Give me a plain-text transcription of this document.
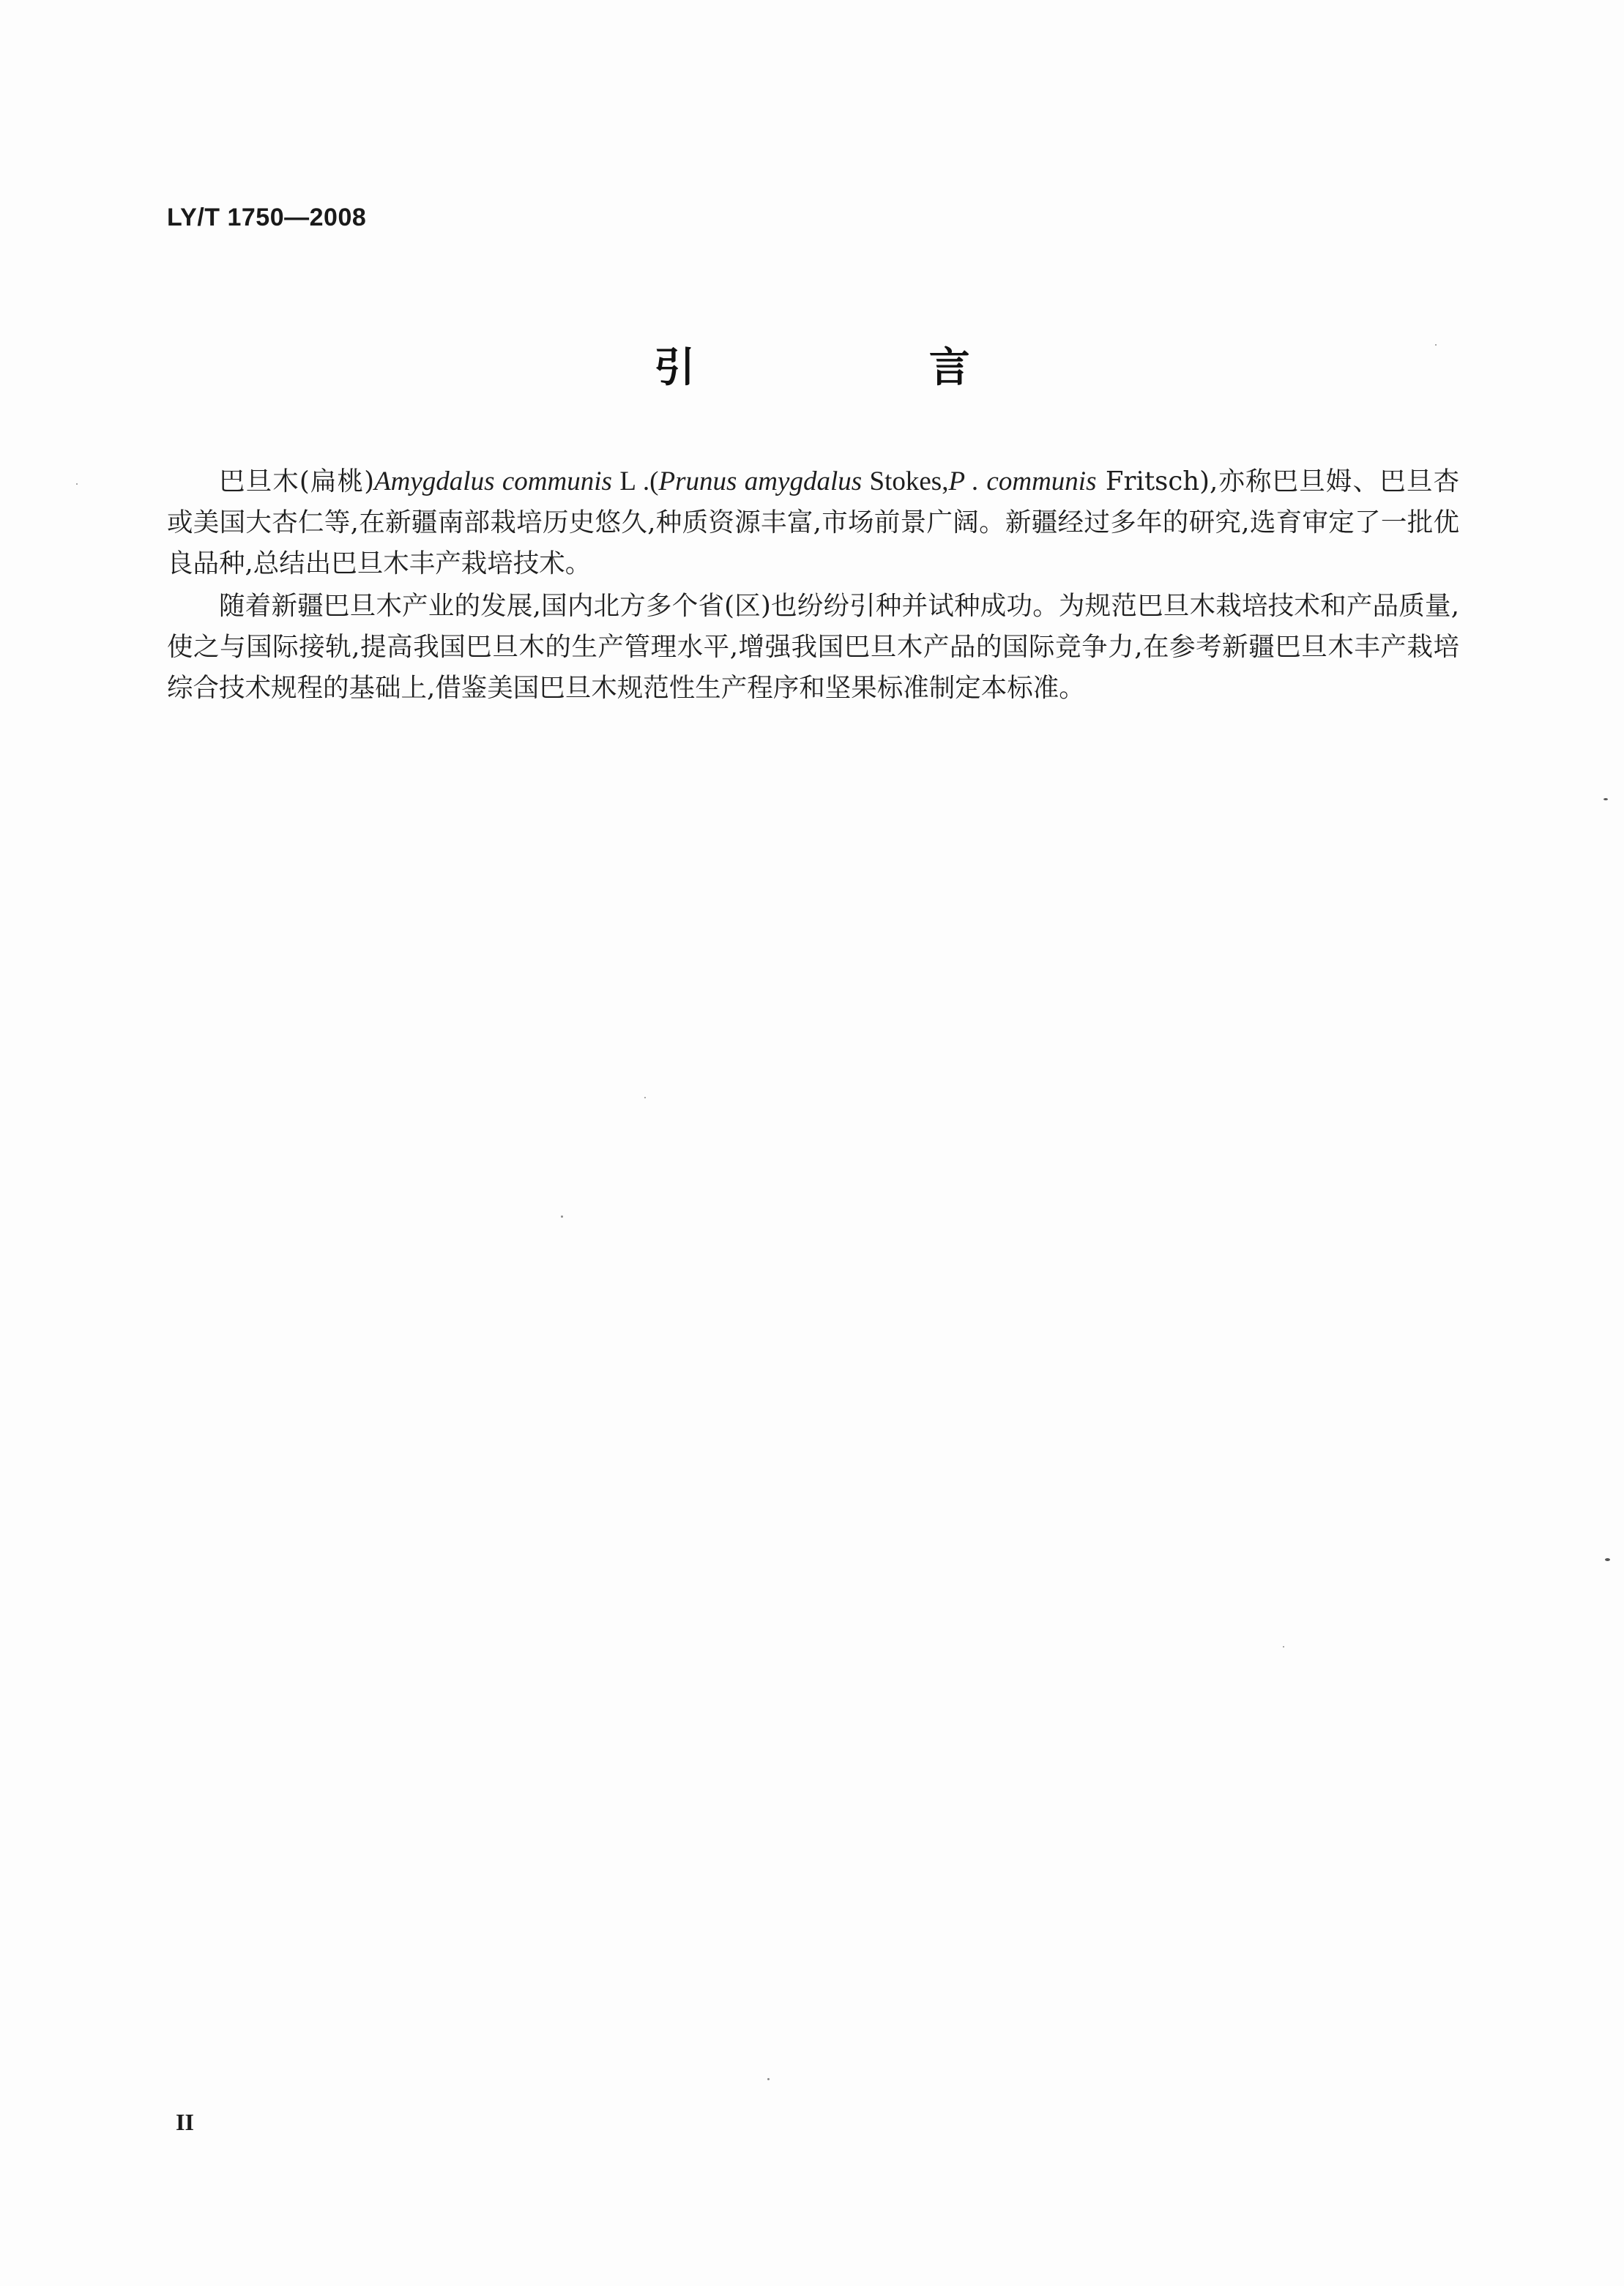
LY/T 1750—2008
引 言

巴旦木(扁桃)Amygdalus communis L .(Prunus amygdalus Stokes,P . communis Fritsch),亦称巴旦姆、巴旦杏或美国大杏仁等,在新疆南部栽培历史悠久,种质资源丰富,市场前景广阔。新疆经过多年的研究,选育审定了一批优良品种,总结出巴旦木丰产栽培技术。

随着新疆巴旦木产业的发展,国内北方多个省(区)也纷纷引种并试种成功。为规范巴旦木栽培技术和产品质量,使之与国际接轨,提高我国巴旦木的生产管理水平,增强我国巴旦木产品的国际竞争力,在参考新疆巴旦木丰产栽培综合技术规程的基础上,借鉴美国巴旦木规范性生产程序和坚果标准制定本标准。

II
